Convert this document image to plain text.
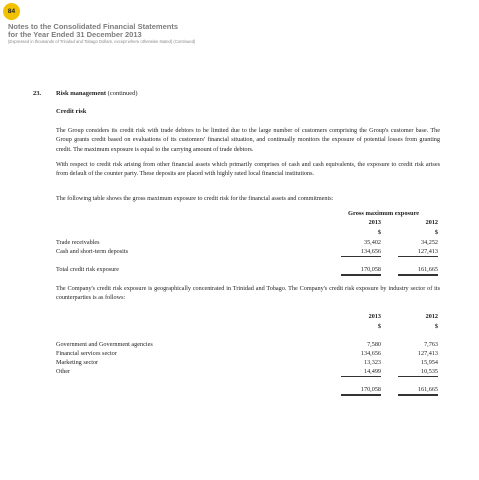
84
Notes to the Consolidated Financial Statements
for the Year Ended 31 December 2013
(Expressed in thousands of Trinidad and Tobago Dollars, except where otherwise stated) (Continued)
23. Risk management (continued)
Credit risk

The Group considers its credit risk with trade debtors to be limited due to the large number of customers comprising the Group's customer base. The Group grants credit based on evaluations of its customers' financial situation, and continually monitors the exposure of potential losses from granting credit. The maximum exposure is equal to the carrying amount of trade debtors.

With respect to credit risk arising from other financial assets which primarily comprises of cash and cash equivalents, the exposure to credit risk arises from default of the counter party. These deposits are placed with highly rated local financial institutions.

The following table shows the gross maximum exposure to credit risk for the financial assets and commitments:

Gross maximum exposure
2013	2012
$	$
Trade receivables	35,402	34,252
Cash and short-term deposits	134,656	127,413
Total credit risk exposure	170,058	161,665

The Company's credit risk exposure is geographically concentrated in Trinidad and Tobago. The Company's credit risk exposure by industry sector of its counterparties is as follows:

2013	2012
$	$
Government and Government agencies	7,580	7,763
Financial services sector	134,656	127,413
Marketing sector	13,323	15,954
Other	14,499	10,535
170,058	161,665
